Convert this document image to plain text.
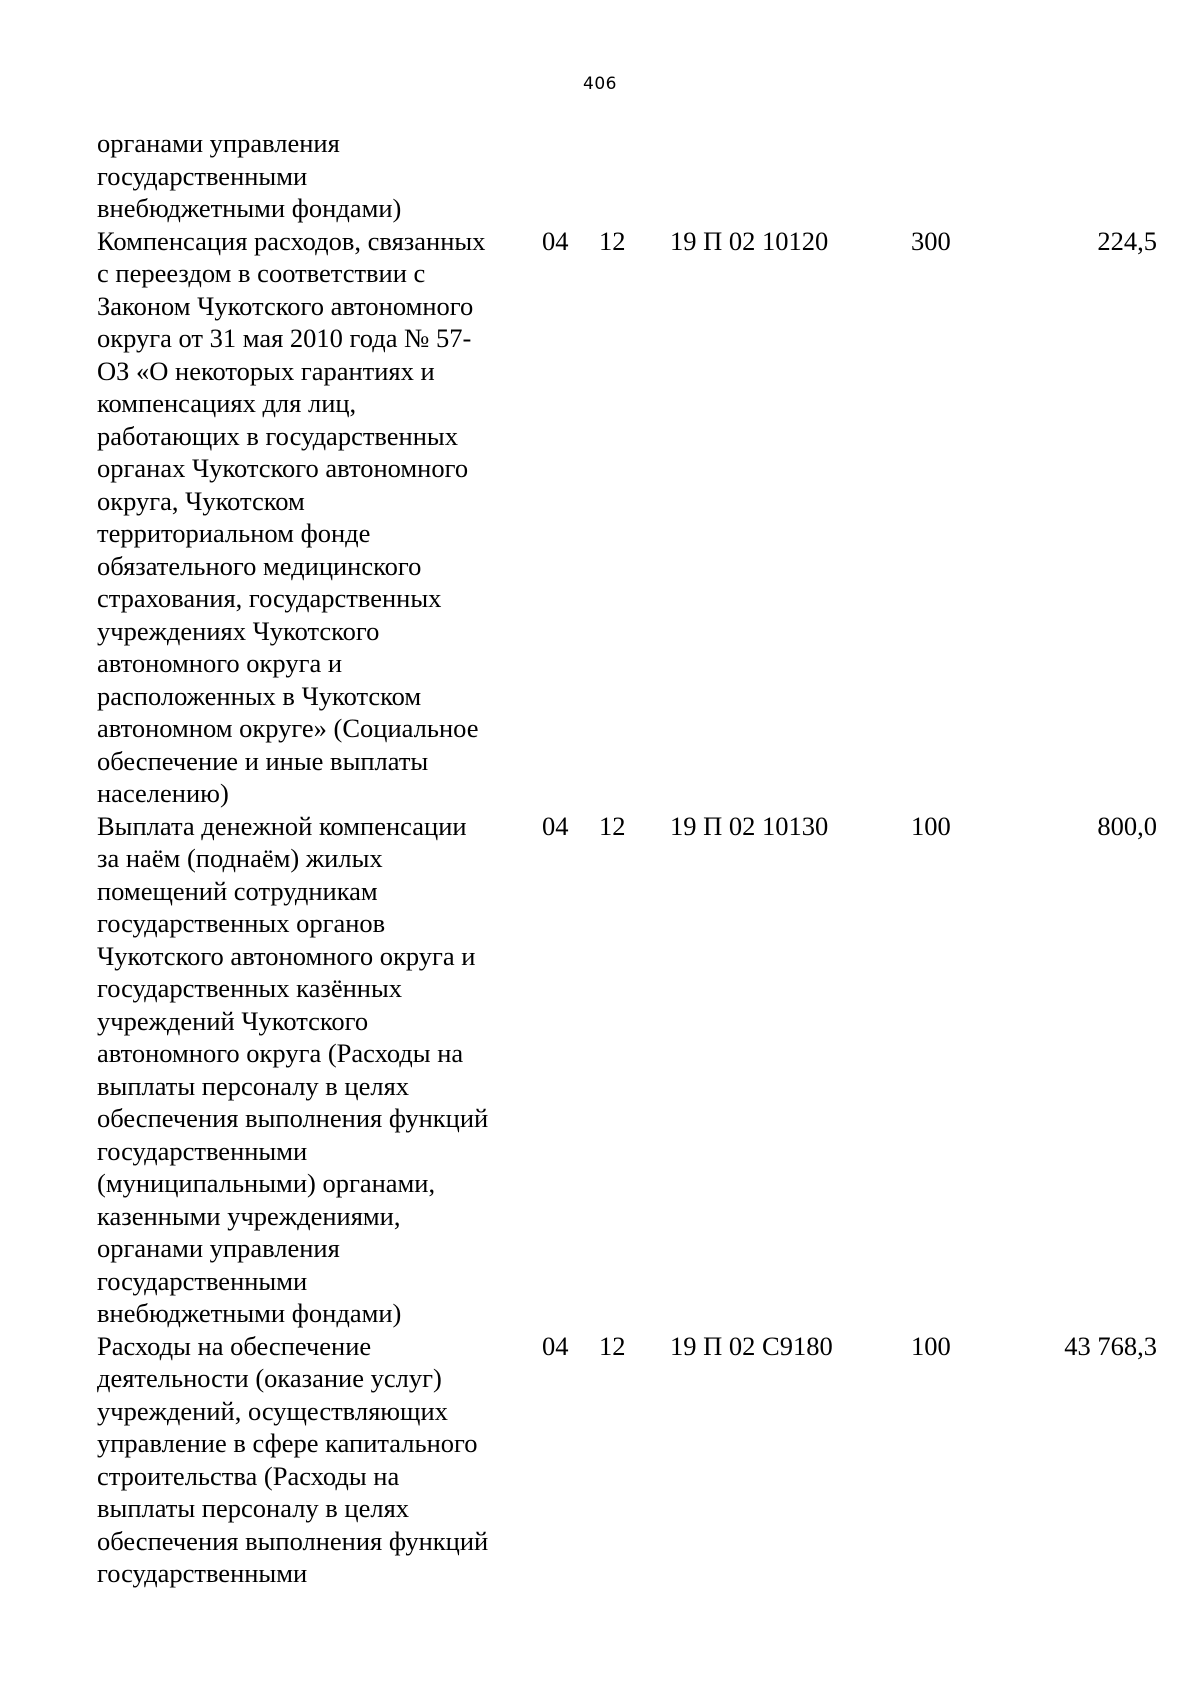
406
органами управления
государственными
внебюджетными фондами)
Компенсация расходов, связанных
с переездом в соответствии с
Законом Чукотского автономного
округа от 31 мая 2010 года № 57-
ОЗ «О некоторых гарантиях и
компенсациях для лиц,
работающих в государственных
органах Чукотского автономного
округа, Чукотском
территориальном фонде
обязательного медицинского
страхования, государственных
учреждениях Чукотского
автономного округа и
расположенных в Чукотском
автономном округе» (Социальное
обеспечение и иные выплаты
населению)
04 12 19 П 02 10120	300	224,5
Выплата денежной компенсации
за наём (поднаём) жилых
помещений сотрудникам
государственных органов
Чукотского автономного округа и
государственных казённых
учреждений Чукотского
автономного округа (Расходы на
выплаты персоналу в целях
обеспечения выполнения функций
государственными
(муниципальными) органами,
казенными учреждениями,
органами управления
государственными
внебюджетными фондами)
04 12 19 П 02 10130	100	800,0
Расходы на обеспечение
деятельности (оказание услуг)
учреждений, осуществляющих
управление в сфере капитального
строительства (Расходы на
выплаты персоналу в целях
обеспечения выполнения функций
государственными
04 12 19 П 02 С9180	100	43 768,3
